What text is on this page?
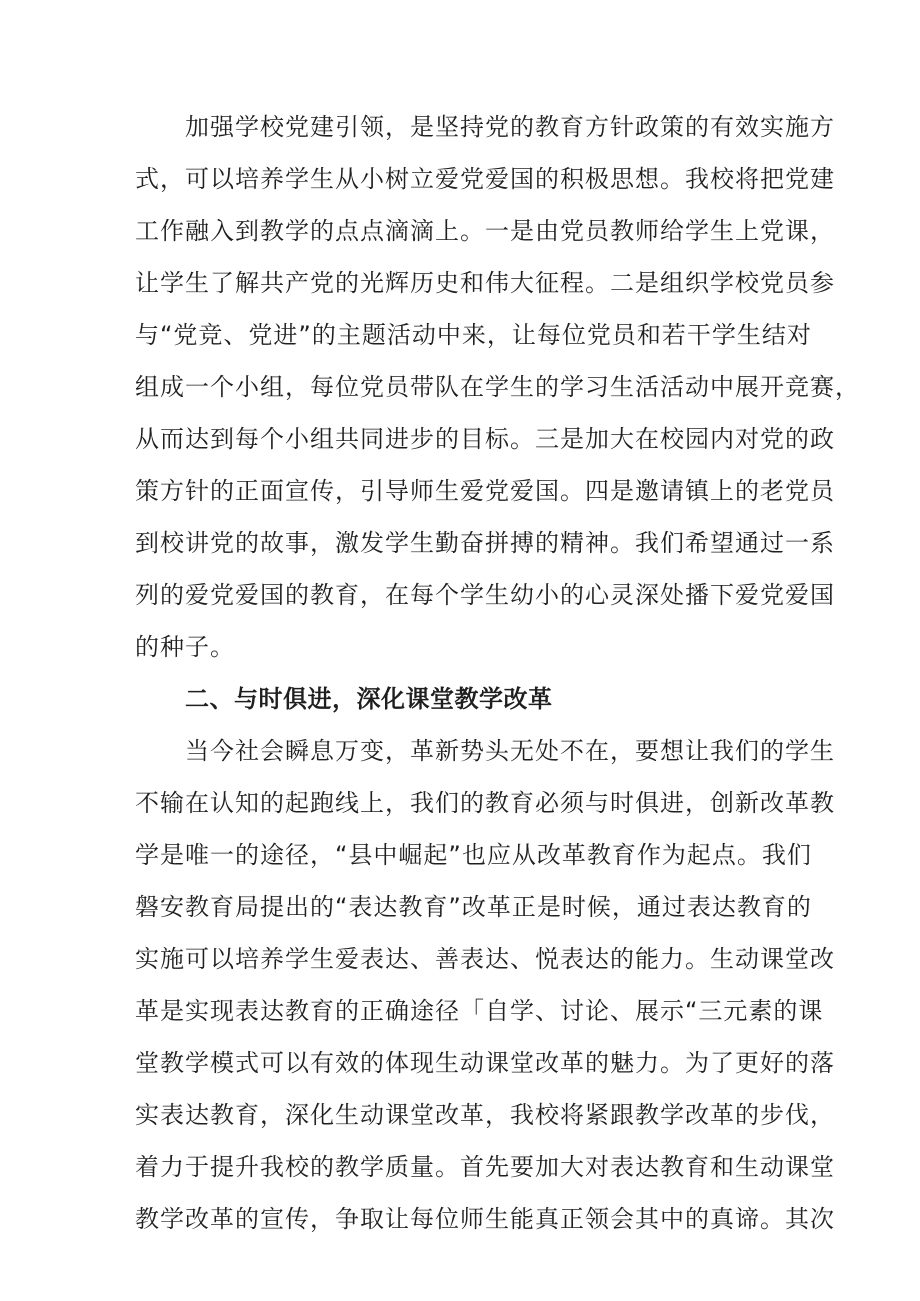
加强学校党建引领，是坚持党的教育方针政策的有效实施方
式，可以培养学生从小树立爱党爱国的积极思想。我校将把党建
工作融入到教学的点点滴滴上。一是由党员教师给学生上党课，
让学生了解共产党的光辉历史和伟大征程。二是组织学校党员参
与“党竞、党进”的主题活动中来，让每位党员和若干学生结对
组成一个小组，每位党员带队在学生的学习生活活动中展开竞赛，
从而达到每个小组共同进步的目标。三是加大在校园内对党的政
策方针的正面宣传，引导师生爱党爱国。四是邀请镇上的老党员
到校讲党的故事，激发学生勤奋拼搏的精神。我们希望通过一系
列的爱党爱国的教育，在每个学生幼小的心灵深处播下爱党爱国
的种子。
二、与时俱进，深化课堂教学改革
当今社会瞬息万变，革新势头无处不在，要想让我们的学生
不输在认知的起跑线上，我们的教育必须与时俱进，创新改革教
学是唯一的途径，“县中崛起”也应从改革教育作为起点。我们
磐安教育局提出的“表达教育”改革正是时候，通过表达教育的
实施可以培养学生爱表达、善表达、悦表达的能力。生动课堂改
革是实现表达教育的正确途径「自学、讨论、展示“三元素的课
堂教学模式可以有效的体现生动课堂改革的魅力。为了更好的落
实表达教育，深化生动课堂改革，我校将紧跟教学改革的步伐，
着力于提升我校的教学质量。首先要加大对表达教育和生动课堂
教学改革的宣传，争取让每位师生能真正领会其中的真谛。其次
